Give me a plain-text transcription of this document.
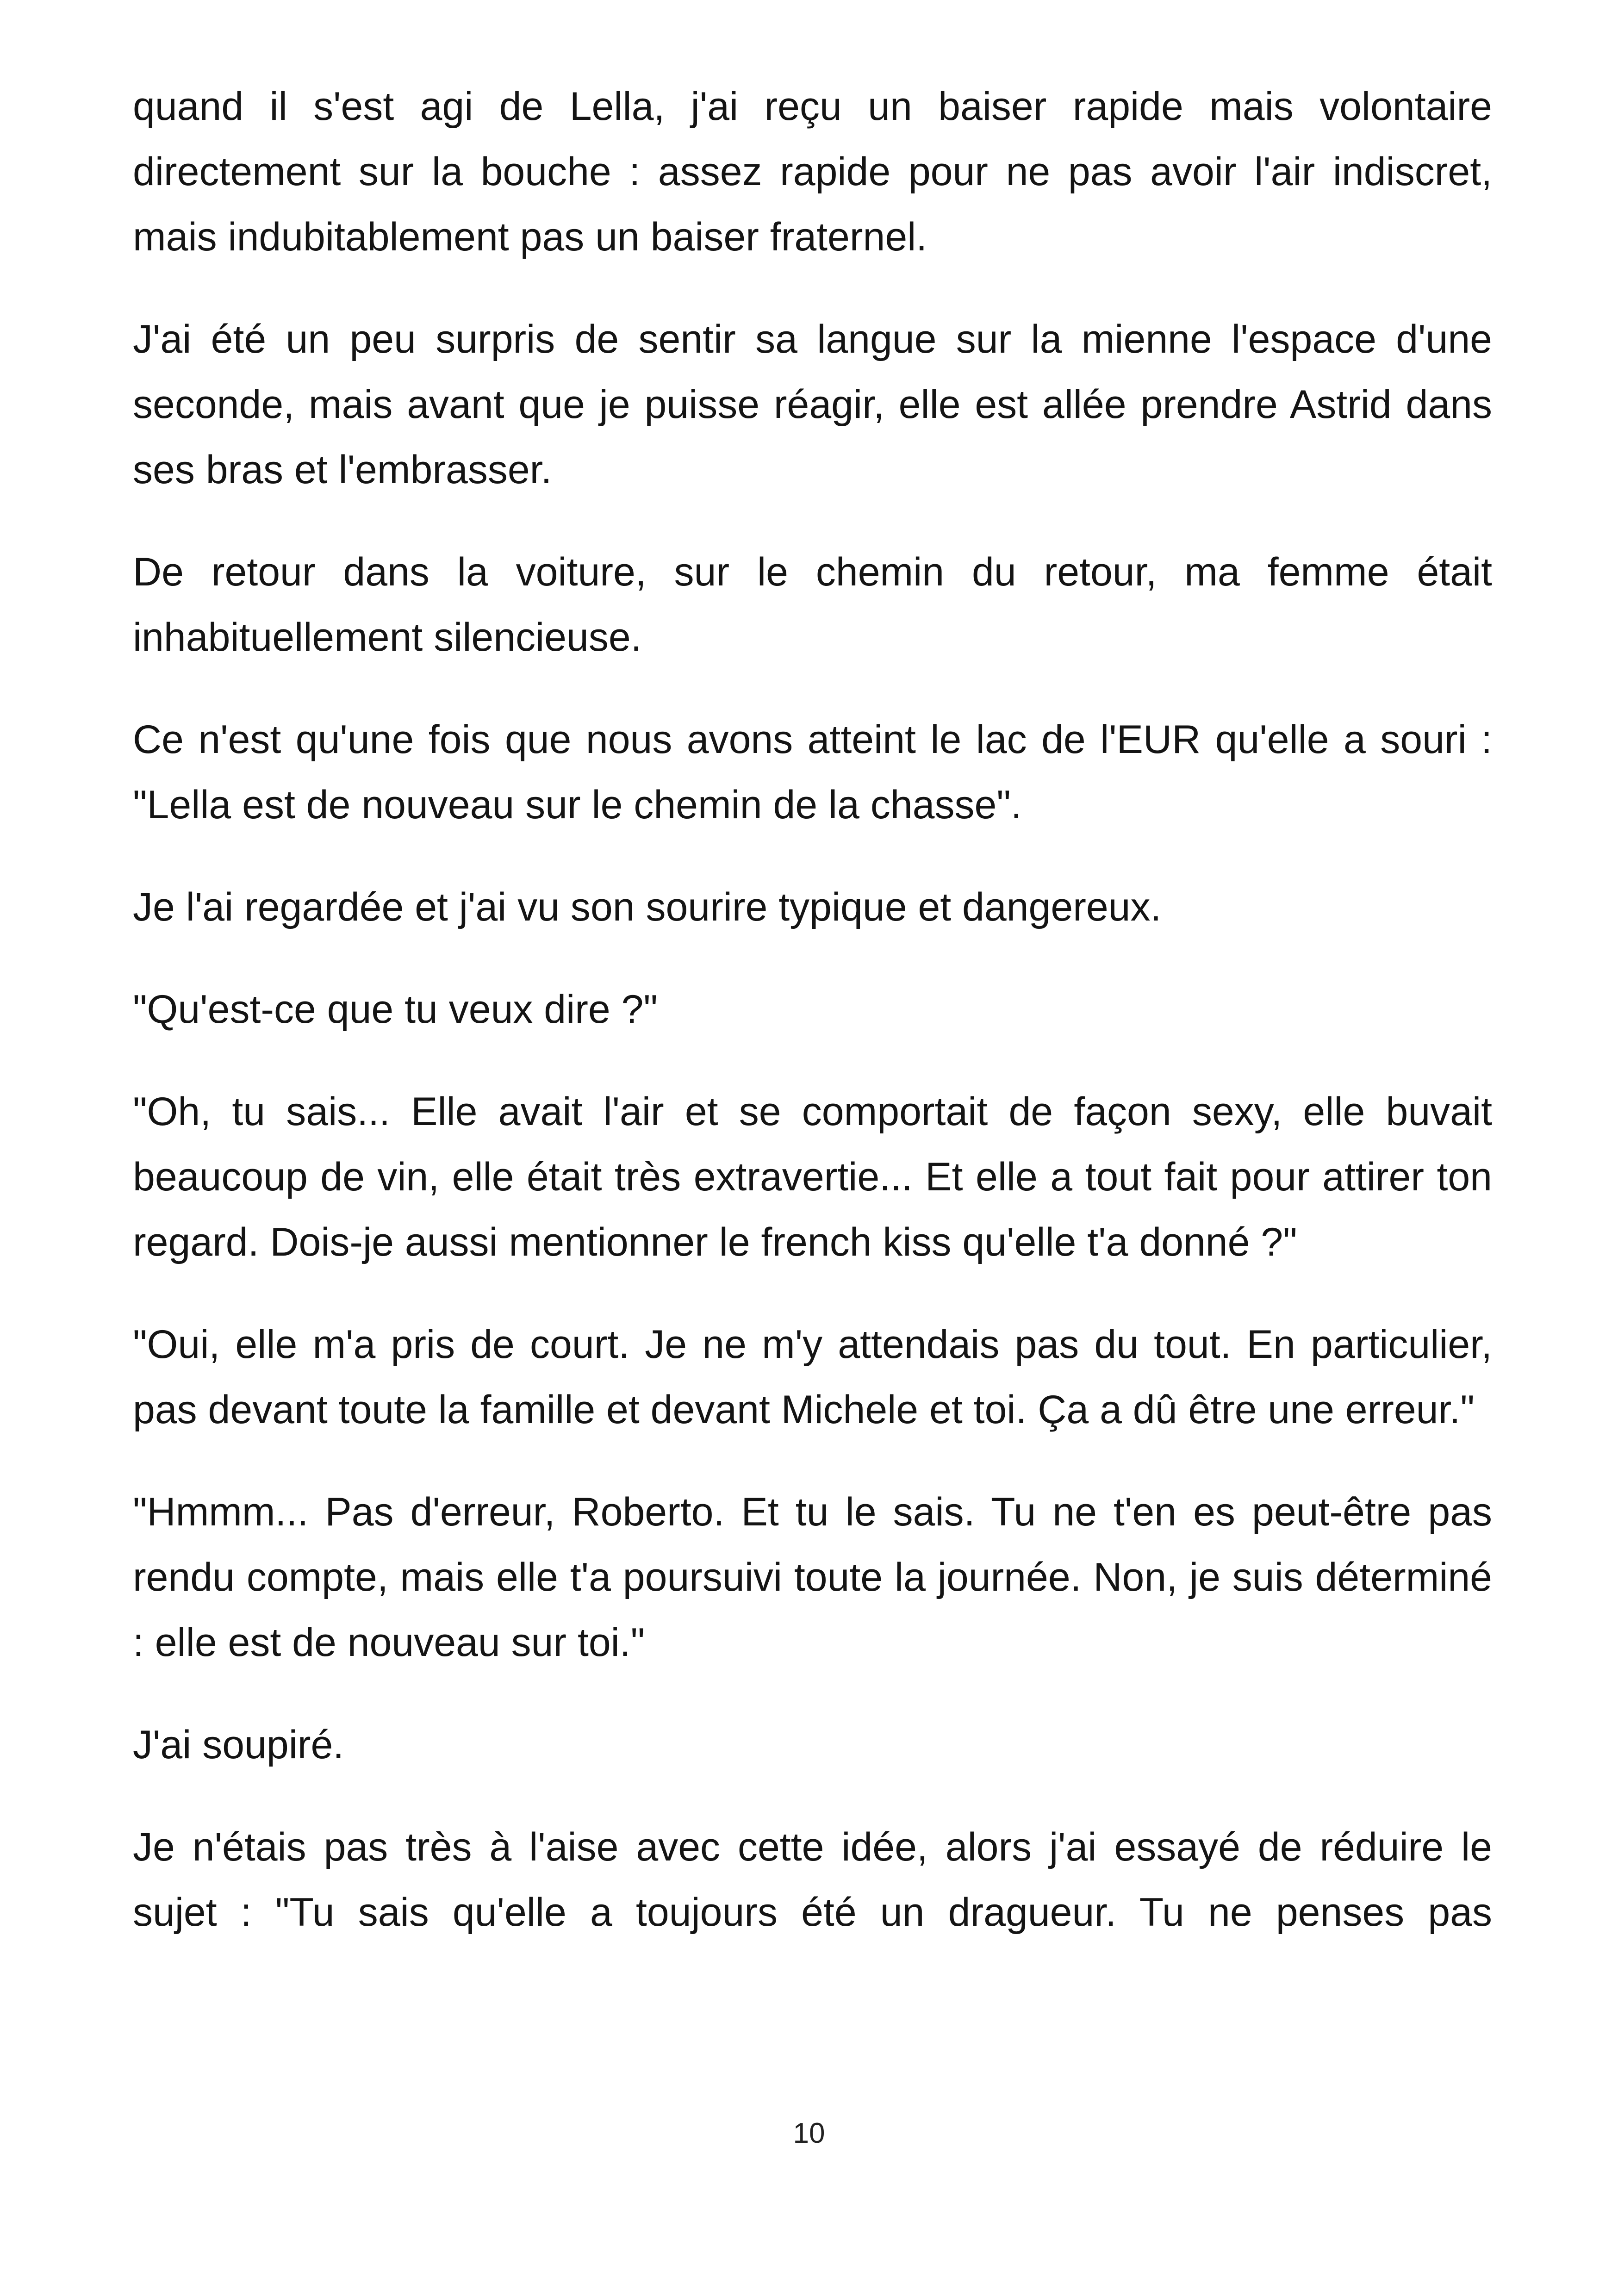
quand il s'est agi de Lella, j'ai reçu un baiser rapide mais volontaire directement sur la bouche : assez rapide pour ne pas avoir l'air indiscret, mais indubitablement pas un baiser fraternel.

J'ai été un peu surpris de sentir sa langue sur la mienne l'espace d'une seconde, mais avant que je puisse réagir, elle est allée prendre Astrid dans ses bras et l'embrasser.

De retour dans la voiture, sur le chemin du retour, ma femme était inhabituellement silencieuse.

Ce n'est qu'une fois que nous avons atteint le lac de l'EUR qu'elle a souri : "Lella est de nouveau sur le chemin de la chasse".

Je l'ai regardée et j'ai vu son sourire typique et dangereux.

"Qu'est-ce que tu veux dire ?"

"Oh, tu sais... Elle avait l'air et se comportait de façon sexy, elle buvait beaucoup de vin, elle était très extravertie... Et elle a tout fait pour attirer ton regard. Dois-je aussi mentionner le french kiss qu'elle t'a donné ?"

"Oui, elle m'a pris de court. Je ne m'y attendais pas du tout. En particulier, pas devant toute la famille et devant Michele et toi. Ça a dû être une erreur."

"Hmmm... Pas d'erreur, Roberto. Et tu le sais. Tu ne t'en es peut-être pas rendu compte, mais elle t'a poursuivi toute la journée. Non, je suis déterminé : elle est de nouveau sur toi."

J'ai soupiré.

Je n'étais pas très à l'aise avec cette idée, alors j'ai essayé de réduire le sujet : "Tu sais qu'elle a toujours été un dragueur. Tu ne penses pas

10
